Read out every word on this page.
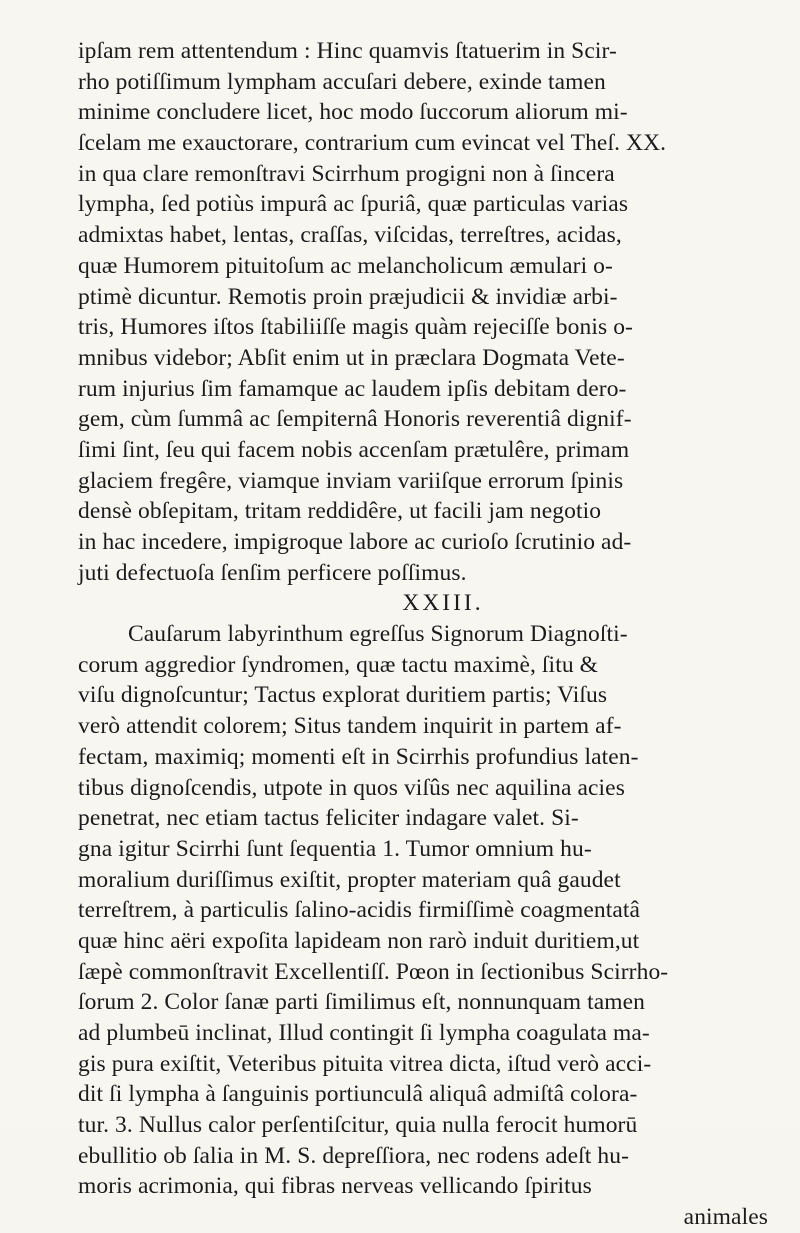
ipſam rem attentendum : Hinc quamvis ſtatuerim in Scir-
rho potiſſimum lympham accuſari debere, exinde tamen
minime concludere licet, hoc modo ſuccorum aliorum mi-
ſcelam me exauctorare, contrarium cum evincat vel Theſ. XX.
in qua clare remonſtravi Scirrhum progigni non à ſincera
lympha, ſed potiùs impurâ ac ſpuriâ, quæ particulas varias
admixtas habet, lentas, craſſas, viſcidas, terreſtres, acidas,
quæ Humorem pituitoſum ac melancholicum æmulari o-
ptimè dicuntur. Remotis proin præjudicii & invidiæ arbi-
tris, Humores iſtos ſtabiliiſſe magis quàm rejeciſſe bonis o-
mnibus videbor; Abſit enim ut in præclara Dogmata Vete-
rum injurius ſim famamque ac laudem ipſis debitam dero-
gem, cùm ſummâ ac ſempiternâ Honoris reverentiâ dignif-
ſimi ſint, ſeu qui facem nobis accenſam prætulêre, primam
glaciem fregêre, viamque inviam variiſque errorum ſpinis
densè obſepitam, tritam reddidêre, ut facili jam negotio
in hac incedere, impigroque labore ac curioſo ſcrutinio ad-
juti defectuoſa ſenſim perficere poſſimus.
XXIII.
Cauſarum labyrinthum egreſſus Signorum Diagnoſti-
corum aggredior ſyndromen, quæ tactu maximè, ſitu &
viſu dignoſcuntur; Tactus explorat duritiem partis; Viſus
verò attendit colorem; Situs tandem inquirit in partem af-
fectam, maximiq; momenti eſt in Scirrhis profundius laten-
tibus dignoſcendis, utpote in quos viſûs nec aquilina acies
penetrat, nec etiam tactus feliciter indagare valet. Si-
gna igitur Scirrhi ſunt ſequentia 1. Tumor omnium hu-
moralium duriſſimus exiſtit, propter materiam quâ gaudet
terreſtrem, à particulis ſalino-acidis firmiſſimè coagmentatâ
quæ hinc aëri expoſita lapideam non rarò induit duritiem,ut
ſæpè commonſtravit Excellentiſſ. Pœon in ſectionibus Scirrho-
ſorum 2. Color ſanæ parti ſimilimus eſt, nonnunquam tamen
ad plumbeū inclinat, Illud contingit ſi lympha coagulata ma-
gis pura exiſtit, Veteribus pituita vitrea dicta, iſtud verò acci-
dit ſi lympha à ſanguinis portiunculâ aliquâ admiſtâ colora-
tur. 3. Nullus calor perſentiſcitur, quia nulla ferocit humorū
ebullitio ob ſalia in M. S. depreſſiora, nec rodens adeſt hu-
moris acrimonia, qui fibras nerveas vellicando ſpiritus
animales
